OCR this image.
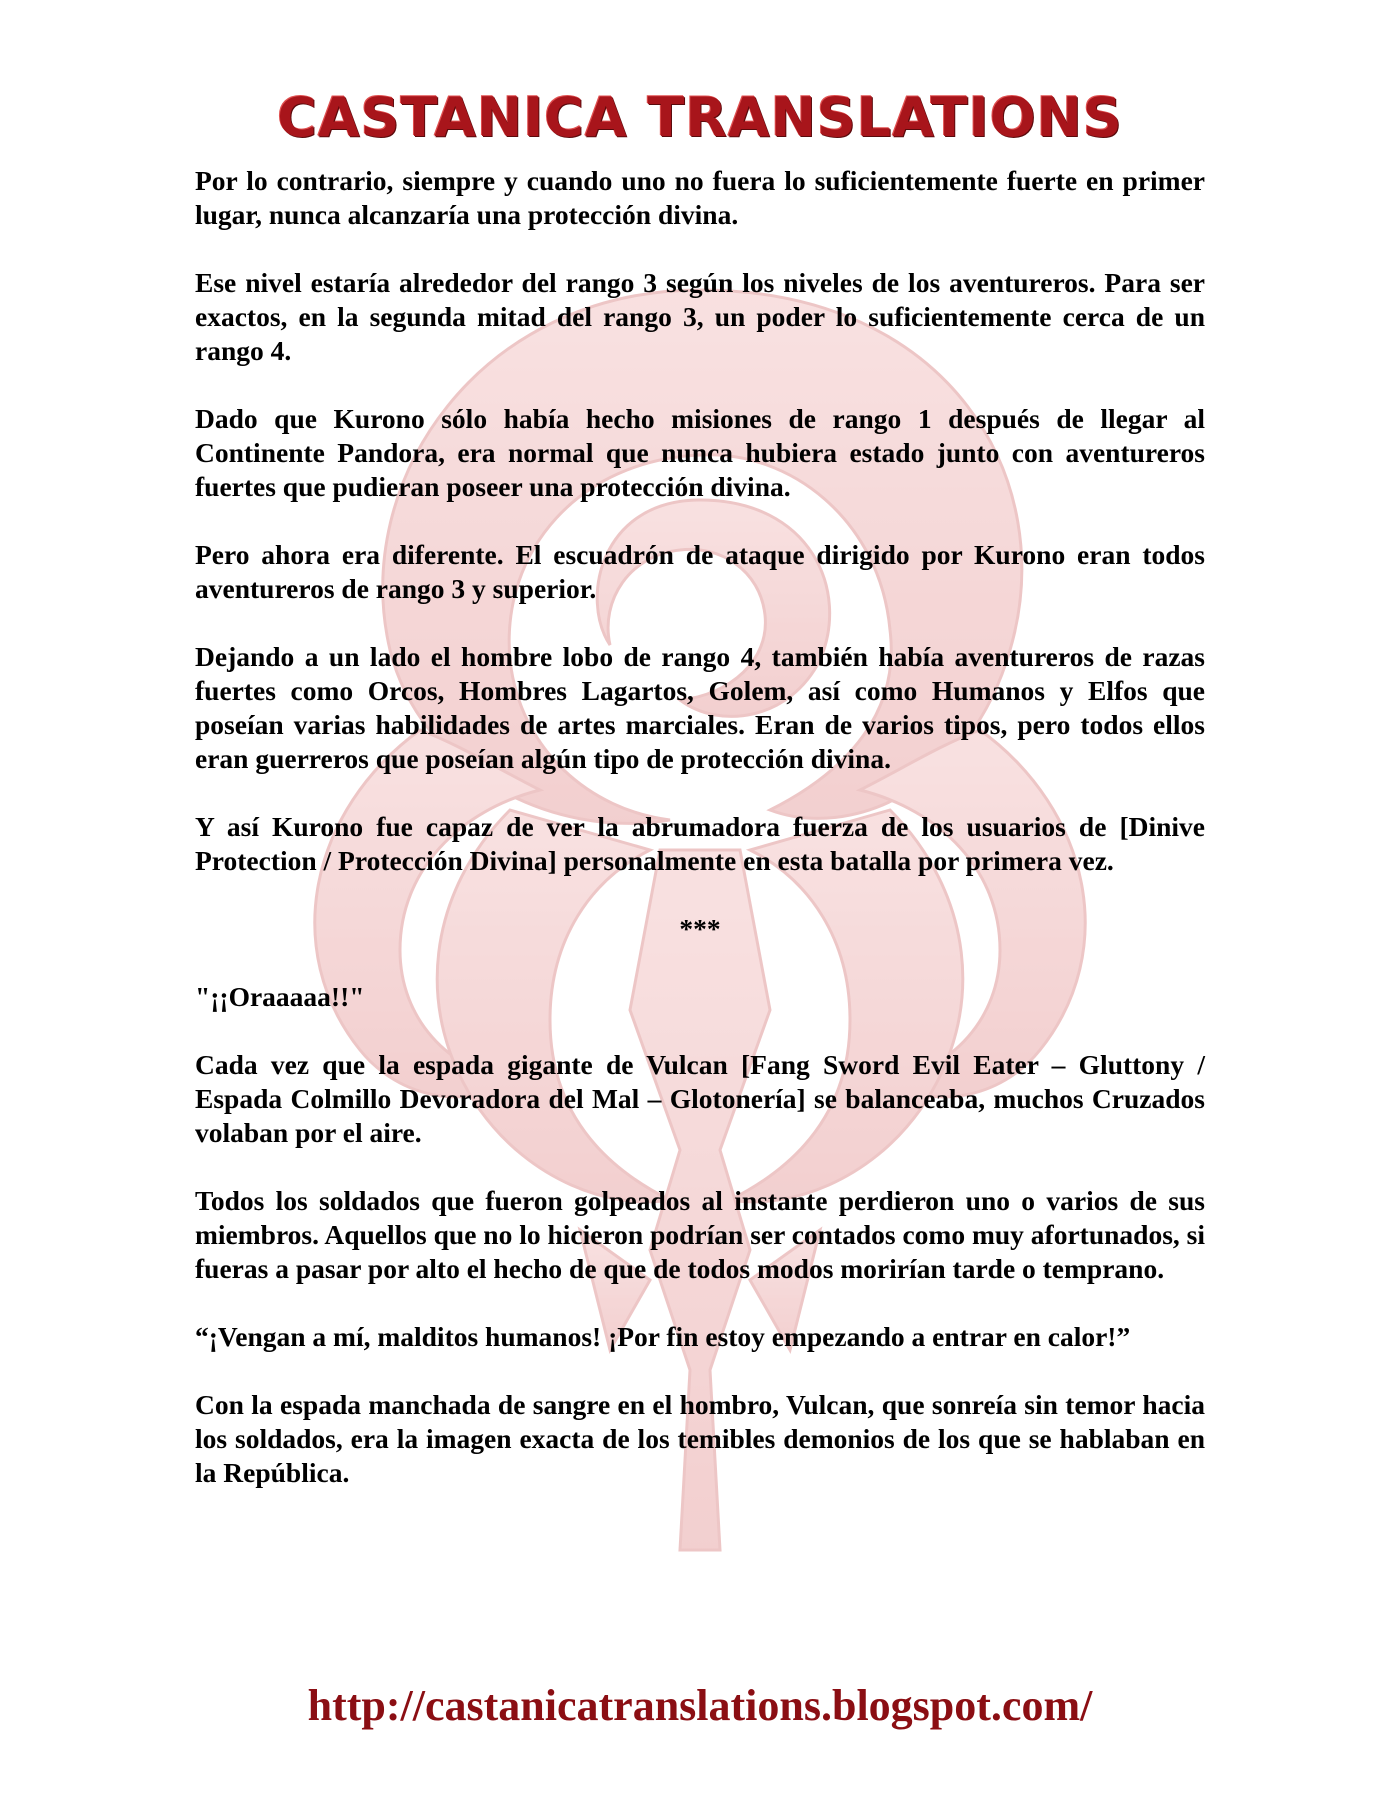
CASTANICA TRANSLATIONS

Por lo contrario, siempre y cuando uno no fuera lo suficientemente fuerte en primer lugar, nunca alcanzaría una protección divina.

Ese nivel estaría alrededor del rango 3 según los niveles de los aventureros. Para ser exactos, en la segunda mitad del rango 3, un poder lo suficientemente cerca de un rango 4.

Dado que Kurono sólo había hecho misiones de rango 1 después de llegar al Continente Pandora, era normal que nunca hubiera estado junto con aventureros fuertes que pudieran poseer una protección divina.

Pero ahora era diferente. El escuadrón de ataque dirigido por Kurono eran todos aventureros de rango 3 y superior.

Dejando a un lado el hombre lobo de rango 4, también había aventureros de razas fuertes como Orcos, Hombres Lagartos, Golem, así como Humanos y Elfos que poseían varias habilidades de artes marciales. Eran de varios tipos, pero todos ellos eran guerreros que poseían algún tipo de protección divina.

Y así Kurono fue capaz de ver la abrumadora fuerza de los usuarios de [Dinive Protection / Protección Divina] personalmente en esta batalla por primera vez.

***

"¡¡Oraaaaa!!"

Cada vez que la espada gigante de Vulcan [Fang Sword Evil Eater – Gluttony / Espada Colmillo Devoradora del Mal – Glotonería] se balanceaba, muchos Cruzados volaban por el aire.

Todos los soldados que fueron golpeados al instante perdieron uno o varios de sus miembros. Aquellos que no lo hicieron podrían ser contados como muy afortunados, si fueras a pasar por alto el hecho de que de todos modos morirían tarde o temprano.

“¡Vengan a mí, malditos humanos! ¡Por fin estoy empezando a entrar en calor!”

Con la espada manchada de sangre en el hombro, Vulcan, que sonreía sin temor hacia los soldados, era la imagen exacta de los temibles demonios de los que se hablaban en la República.

http://castanicatranslations.blogspot.com/
